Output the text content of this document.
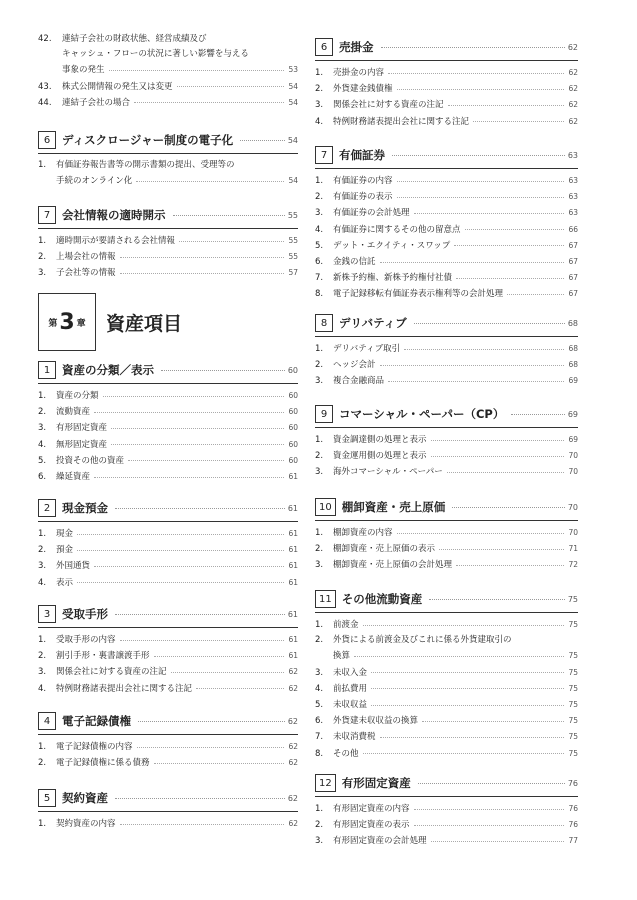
42.	連結子会社の財政状態、経営成績及び
キャッシュ・フローの状況に著しい影響を与える
事象の発生	53
43.	株式公開情報の発生又は変更	54
44.	連結子会社の場合	54
6	ディスクロージャー制度の電子化	54
1.	有価証券報告書等の開示書類の提出、受理等の
手続のオンライン化	54
7	会社情報の適時開示	55
1.	適時開示が要請される会社情報	55
2.	上場会社の情報	55
3.	子会社等の情報	57
第 3 章 資産項目
1	資産の分類／表示	60
1.	資産の分類	60
2.	流動資産	60
3.	有形固定資産	60
4.	無形固定資産	60
5.	投資その他の資産	60
6.	繰延資産	61
2	現金預金	61
1.	現金	61
2.	預金	61
3.	外国通貨	61
4.	表示	61
3	受取手形	61
1.	受取手形の内容	61
2.	割引手形・裏書譲渡手形	61
3.	関係会社に対する資産の注記	62
4.	特例財務諸表提出会社に関する注記	62
4	電子記録債権	62
1.	電子記録債権の内容	62
2.	電子記録債権に係る債務	62
5	契約資産	62
1.	契約資産の内容	62
6	売掛金	62
1.	売掛金の内容	62
2.	外貨建金銭債権	62
3.	関係会社に対する資産の注記	62
4.	特例財務諸表提出会社に関する注記	62
7	有価証券	63
1.	有価証券の内容	63
2.	有価証券の表示	63
3.	有価証券の会計処理	63
4.	有価証券に関するその他の留意点	66
5.	デット・エクイティ・スワップ	67
6.	金銭の信託	67
7.	新株予約権、新株予約権付社債	67
8.	電子記録移転有価証券表示権利等の会計処理	67
8	デリバティブ	68
1.	デリバティブ取引	68
2.	ヘッジ会計	68
3.	複合金融商品	69
9	コマーシャル・ペーパー（CP）	69
1.	資金調達側の処理と表示	69
2.	資金運用側の処理と表示	70
3.	海外コマーシャル・ペーパー	70
10 棚卸資産・売上原価	70
1.	棚卸資産の内容	70
2.	棚卸資産・売上原価の表示	71
3.	棚卸資産・売上原価の会計処理	72
11 その他流動資産	75
1.	前渡金	75
2.	外貨による前渡金及びこれに係る外貨建取引の
換算	75
3.	未収入金	75
4.	前払費用	75
5.	未収収益	75
6.	外貨建未収収益の換算	75
7.	未収消費税	75
8.	その他	75
12 有形固定資産	76
1.	有形固定資産の内容	76
2.	有形固定資産の表示	76
3.	有形固定資産の会計処理	77
